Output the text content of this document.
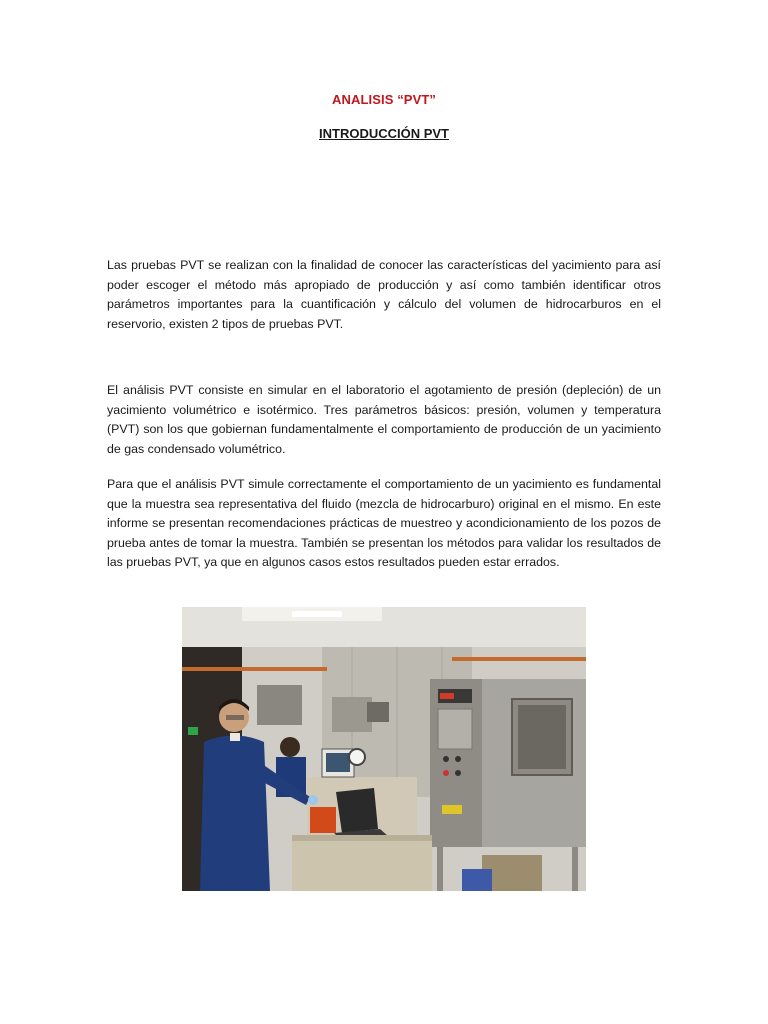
ANALISIS “PVT”
INTRODUCCIÓN PVT

Las pruebas PVT se realizan con la finalidad de conocer las características del yacimiento para así poder escoger el método más apropiado de producción y así como también identificar otros parámetros importantes para la cuantificación y cálculo del volumen de hidrocarburos en el reservorio, existen 2 tipos de pruebas PVT.

El análisis PVT consiste en simular en el laboratorio el agotamiento de presión (depleción) de un yacimiento volumétrico e isotérmico. Tres parámetros básicos: presión, volumen y temperatura (PVT) son los que gobiernan fundamentalmente el comportamiento de producción de un yacimiento de gas condensado volumétrico.

Para que el análisis PVT simule correctamente el comportamiento de un yacimiento es fundamental que la muestra sea representativa del fluido (mezcla de hidrocarburo) original en el mismo. En este informe se presentan recomendaciones prácticas de muestreo y acondicionamiento de los pozos de prueba antes de tomar la muestra. También se presentan los métodos para validar los resultados de las pruebas PVT, ya que en algunos casos estos resultados pueden estar errados.
